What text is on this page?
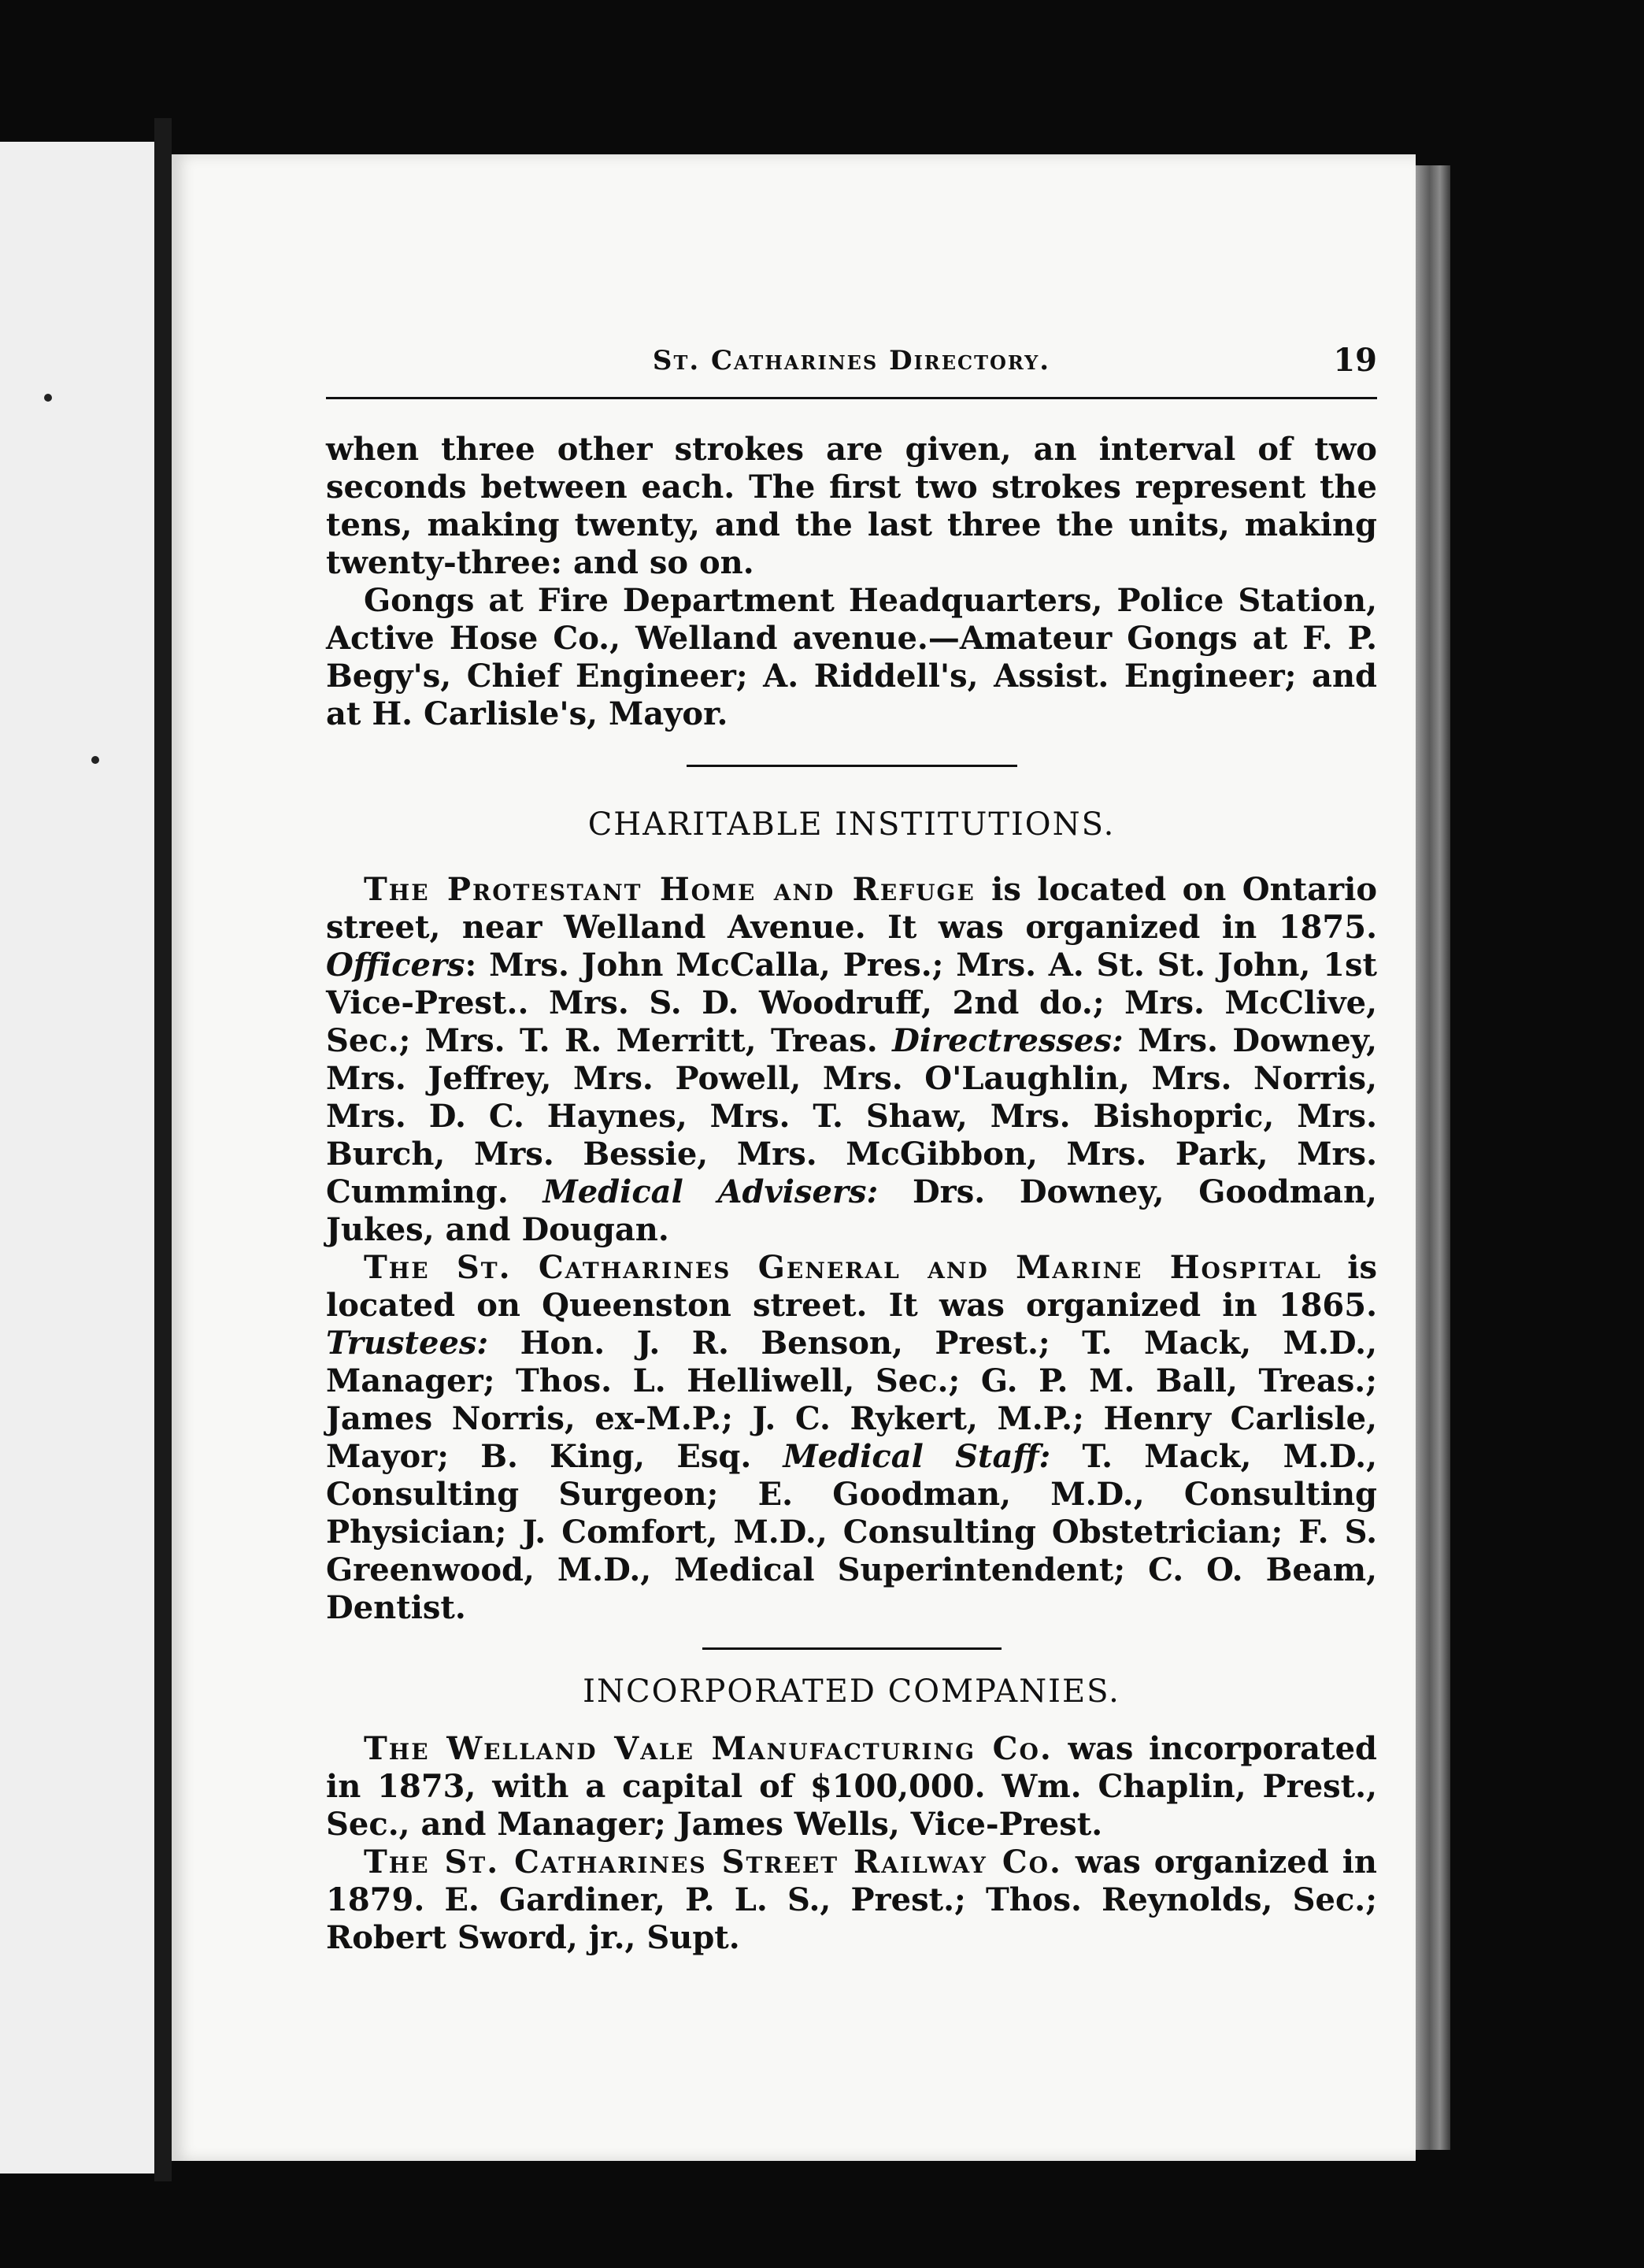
St. Catharines Directory.	19

when three other strokes are given, an interval of two seconds between each. The first two strokes represent the tens, making twenty, and the last three the units, making twenty-three: and so on.

Gongs at Fire Department Headquarters, Police Station, Active Hose Co., Welland avenue.—Amateur Gongs at F. P. Begy's, Chief Engineer; A. Riddell's, Assist. Engineer; and at H. Carlisle's, Mayor.

CHARITABLE INSTITUTIONS.

The Protestant Home and Refuge is located on Ontario street, near Welland Avenue. It was organized in 1875. Officers: Mrs. John McCalla, Pres.; Mrs. A. St. St. John, 1st Vice-Prest.. Mrs. S. D. Woodruff, 2nd do.; Mrs. McClive, Sec.; Mrs. T. R. Merritt, Treas. Directresses: Mrs. Downey, Mrs. Jeffrey, Mrs. Powell, Mrs. O'Laughlin, Mrs. Norris, Mrs. D. C. Haynes, Mrs. T. Shaw, Mrs. Bishopric, Mrs. Burch, Mrs. Bessie, Mrs. McGibbon, Mrs. Park, Mrs. Cumming. Medical Advisers: Drs. Downey, Goodman, Jukes, and Dougan.

The St. Catharines General and Marine Hospital is located on Queenston street. It was organized in 1865. Trustees: Hon. J. R. Benson, Prest.; T. Mack, M.D., Manager; Thos. L. Helliwell, Sec.; G. P. M. Ball, Treas.; James Norris, ex-M.P.; J. C. Rykert, M.P.; Henry Carlisle, Mayor; B. King, Esq. Medical Staff: T. Mack, M.D., Consulting Surgeon; E. Goodman, M.D., Consulting Physician; J. Comfort, M.D., Consulting Obstetrician; F. S. Greenwood, M.D., Medical Superintendent; C. O. Beam, Dentist.

INCORPORATED COMPANIES.

The Welland Vale Manufacturing Co. was incorporated in 1873, with a capital of $100,000. Wm. Chaplin, Prest., Sec., and Manager; James Wells, Vice-Prest.

The St. Catharines Street Railway Co. was organized in 1879. E. Gardiner, P. L. S., Prest.; Thos. Reynolds, Sec.; Robert Sword, jr., Supt.
